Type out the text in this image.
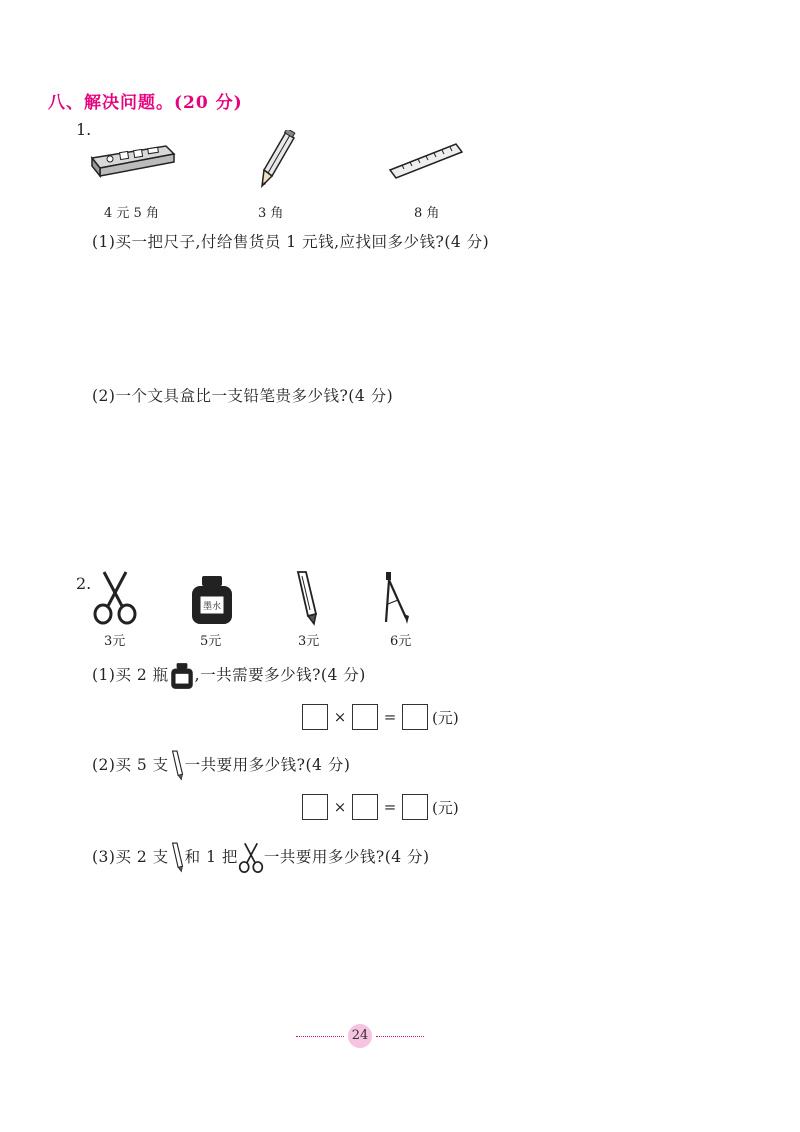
八、解决问题。(20 分)
1.
4 元 5 角	3 角	8 角
(1)买一把尺子,付给售货员 1 元钱,应找回多少钱?(4 分)
(2)一个文具盒比一支铅笔贵多少钱?(4 分)
2.
3元
墨水
5元	3元	6元
(1)买 2 瓶 ,一共需要多少钱?(4 分)
× = (元)
(2)买 5 支 一共要用多少钱?(4 分)
× = (元)
(3)买 2 支 和 1 把 一共要用多少钱?(4 分)
24
